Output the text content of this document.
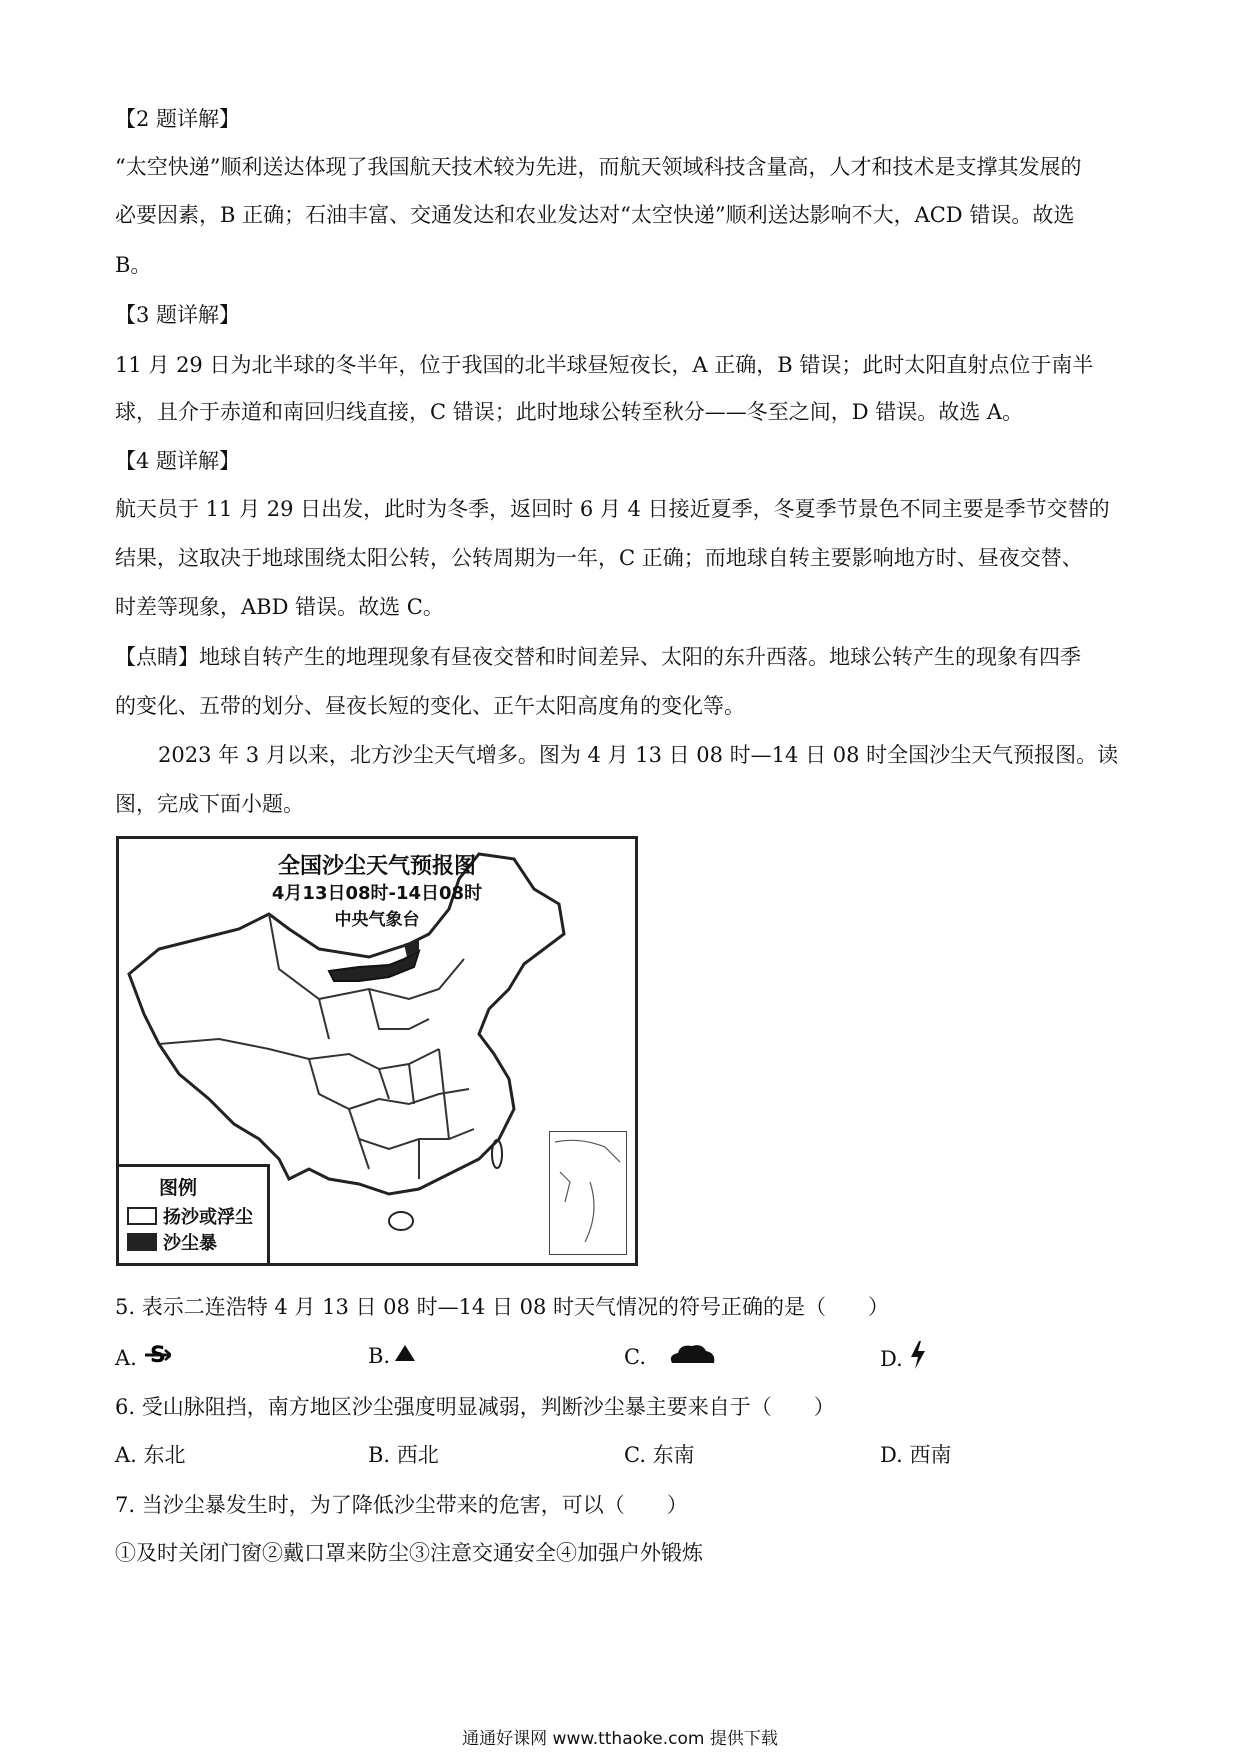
【2 题详解】
“太空快递”顺利送达体现了我国航天技术较为先进，而航天领域科技含量高，人才和技术是支撑其发展的
必要因素，B 正确；石油丰富、交通发达和农业发达对“太空快递”顺利送达影响不大，ACD 错误。故选
B。
【3 题详解】
11 月 29 日为北半球的冬半年，位于我国的北半球昼短夜长，A 正确，B 错误；此时太阳直射点位于南半
球，且介于赤道和南回归线直接，C 错误；此时地球公转至秋分——冬至之间，D 错误。故选 A。
【4 题详解】
航天员于 11 月 29 日出发，此时为冬季，返回时 6 月 4 日接近夏季，冬夏季节景色不同主要是季节交替的
结果，这取决于地球围绕太阳公转，公转周期为一年，C 正确；而地球自转主要影响地方时、昼夜交替、
时差等现象，ABD 错误。故选 C。
【点睛】地球自转产生的地理现象有昼夜交替和时间差异、太阳的东升西落。地球公转产生的现象有四季
的变化、五带的划分、昼夜长短的变化、正午太阳高度角的变化等。
2023 年 3 月以来，北方沙尘天气增多。图为 4 月 13 日 08 时—14 日 08 时全国沙尘天气预报图。读
图，完成下面小题。
全国沙尘天气预报图
4月13日08时-14日08时
中央气象台
图例
扬沙或浮尘
沙尘暴
5. 表示二连浩特 4 月 13 日 08 时—14 日 08 时天气情况的符号正确的是（　　）
A. S	B.	C.	D.
6. 受山脉阻挡，南方地区沙尘强度明显减弱，判断沙尘暴主要来自于（　　）
A. 东北	B. 西北	C. 东南	D. 西南
7. 当沙尘暴发生时，为了降低沙尘带来的危害，可以（　　）
①及时关闭门窗②戴口罩来防尘③注意交通安全④加强户外锻炼
通通好课网 www.tthaoke.com 提供下载
